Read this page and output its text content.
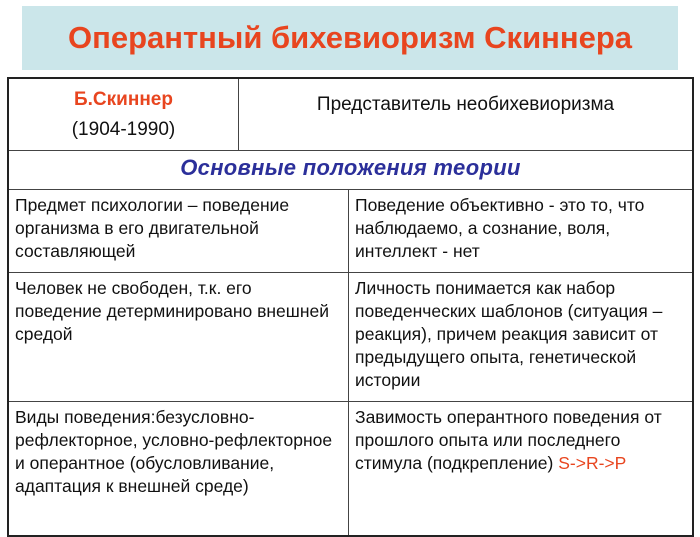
Оперантный бихевиоризм Скиннера
Б.Скиннер
(1904-1990)
Представитель необихевиоризма
Основные положения теории
Предмет психологии – поведение организма в его двигательной составляющей
Поведение объективно - это то, что наблюдаемо, а сознание, воля, интеллект - нет
Человек не свободен, т.к. его поведение детерминировано внешней средой
Личность понимается как набор поведенческих шаблонов (ситуация – реакция), причем реакция зависит от предыдущего опыта, генетической истории
Виды поведения:безусловно-рефлекторное, условно-рефлекторное и оперантное (обусловливание, адаптация к внешней среде)
Завимость оперантного поведения от прошлого опыта или последнего стимула (подкрепление) S->R->P
